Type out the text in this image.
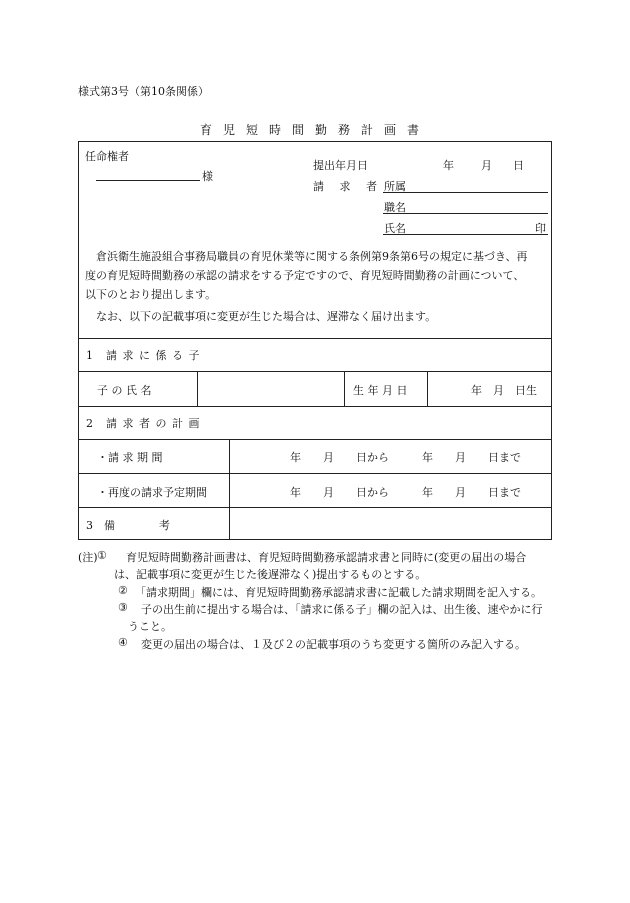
様式第3号（第10条関係）
育児短時間勤務計画書
任命権者
様
提出年月日	年 月 日
請 求 者 所属
職名
氏名	印
倉浜衛生施設組合事務局職員の育児休業等に関する条例第9条第6号の規定に基づき、再
度の育児短時間勤務の承認の請求をする予定ですので、育児短時間勤務の計画について、
以下のとおり提出します。
なお、以下の記載事項に変更が生じた場合は、遅滞なく届け出ます。
1　請 求 に 係 る 子
子 の 氏 名	生 年 月 日	年　月　日生
2　請 求 者 の 計 画
・請 求 期 間	年　　月　　日から　　　年　　月　　日まで
・再度の請求予定期間	年　　月　　日から　　　年　　月　　日まで
3　備　　　　考
(注) ① 育児短時間勤務計画書は、育児短時間勤務承認請求書と同時に(変更の届出の場合
は、記載事項に変更が生じた後遅滞なく)提出するものとする。
② 「請求期間」欄には、育児短時間勤務承認請求書に記載した請求期間を記入する。
③ 子の出生前に提出する場合は、「請求に係る子」欄の記入は、出生後、速やかに行
うこと。
④ 変更の届出の場合は、１及び２の記載事項のうち変更する箇所のみ記入する。
